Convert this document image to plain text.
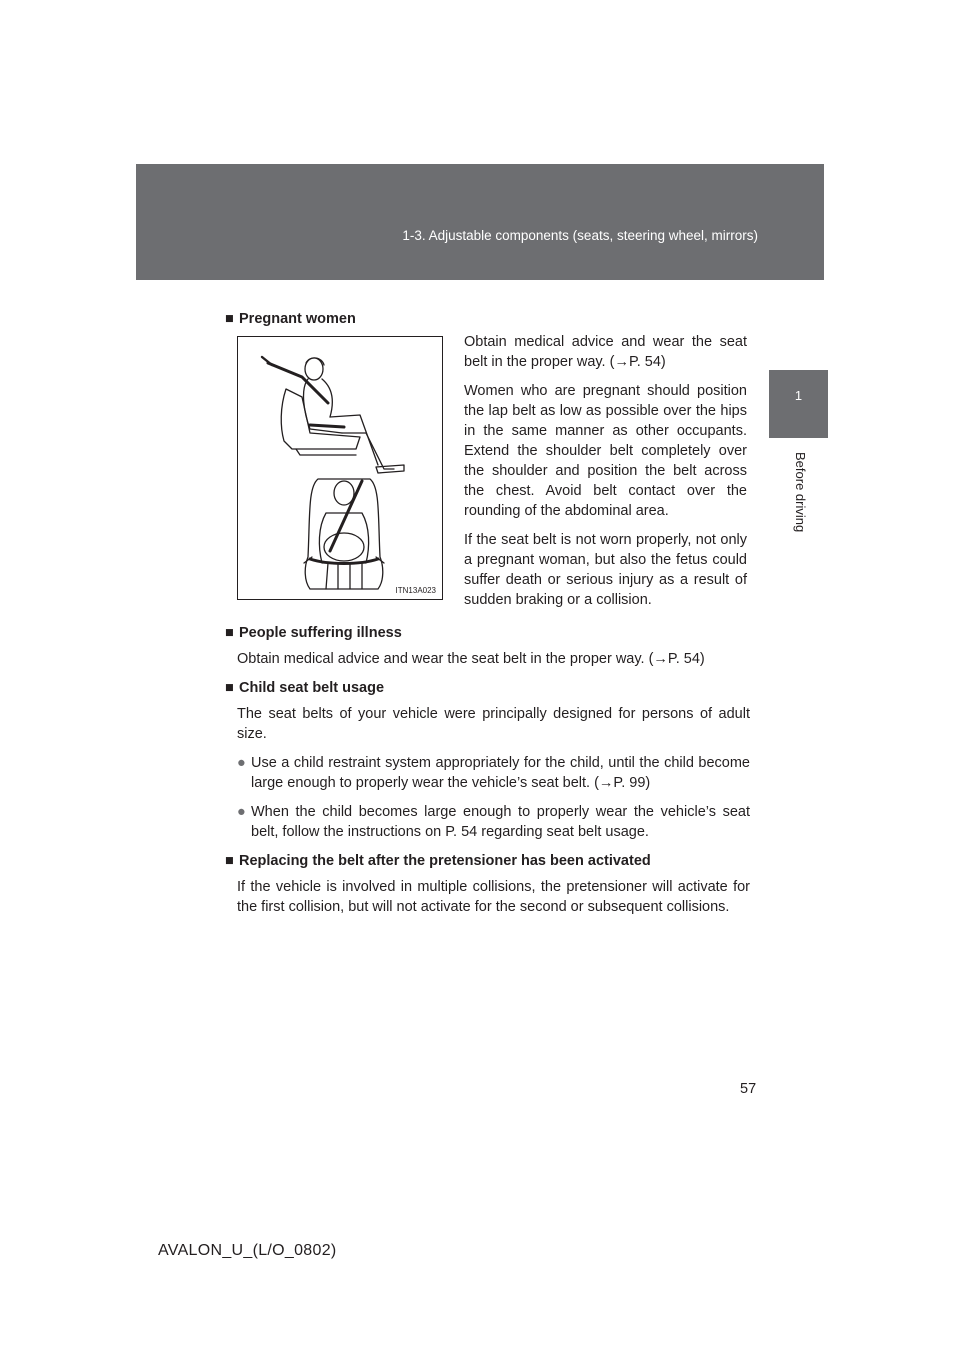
1-3. Adjustable components (seats, steering wheel, mirrors)
1
Before driving
■ Pregnant women
ITN13A023

Obtain medical advice and wear the seat belt in the proper way. (→P. 54)

Women who are pregnant should position the lap belt as low as possible over the hips in the same manner as other occupants. Extend the shoulder belt completely over the shoulder and position the belt across the chest. Avoid belt contact over the rounding of the abdominal area.

If the seat belt is not worn properly, not only a pregnant woman, but also the fetus could suffer death or serious injury as a result of sudden braking or a collision.

■ People suffering illness

Obtain medical advice and wear the seat belt in the proper way. (→P. 54)

■ Child seat belt usage

The seat belts of your vehicle were principally designed for persons of adult size.

● Use a child restraint system appropriately for the child, until the child become large enough to properly wear the vehicle’s seat belt. (→P. 99)

● When the child becomes large enough to properly wear the vehicle’s seat belt, follow the instructions on P. 54 regarding seat belt usage.

■ Replacing the belt after the pretensioner has been activated

If the vehicle is involved in multiple collisions, the pretensioner will activate for the first collision, but will not activate for the second or subsequent collisions.

57
AVALON_U_(L/O_0802)
